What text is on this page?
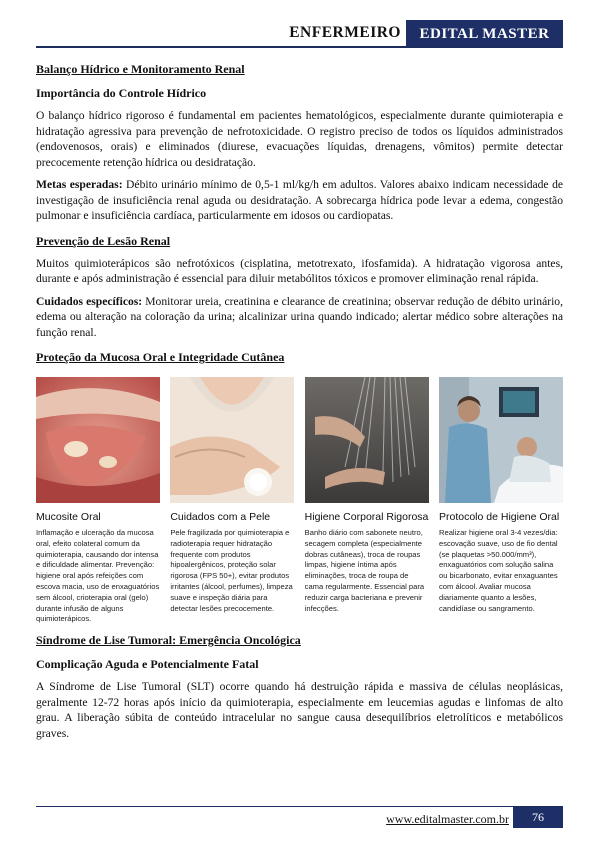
ENFERMEIRO	EDITAL MASTER
Balanço Hídrico e Monitoramento Renal
Importância do Controle Hídrico

O balanço hídrico rigoroso é fundamental em pacientes hematológicos, especialmente durante quimioterapia e hidratação agressiva para prevenção de nefrotoxicidade. O registro preciso de todos os líquidos administrados (endovenosos, orais) e eliminados (diurese, evacuações líquidas, drenagens, vômitos) permite detectar precocemente retenção hídrica ou desidratação.

Metas esperadas: Débito urinário mínimo de 0,5-1 ml/kg/h em adultos. Valores abaixo indicam necessidade de investigação de insuficiência renal aguda ou desidratação. A sobrecarga hídrica pode levar a edema, congestão pulmonar e insuficiência cardíaca, particularmente em idosos ou cardiopatas.

Prevenção de Lesão Renal

Muitos quimioterápicos são nefrotóxicos (cisplatina, metotrexato, ifosfamida). A hidratação vigorosa antes, durante e após administração é essencial para diluir metabólitos tóxicos e promover eliminação renal rápida.

Cuidados específicos: Monitorar ureia, creatinina e clearance de creatinina; observar redução de débito urinário, edema ou alteração na coloração da urina; alcalinizar urina quando indicado; alertar médico sobre alterações na função renal.

Proteção da Mucosa Oral e Integridade Cutânea
Mucosite Oral
Inflamação e ulceração da mucosa oral, efeito colateral comum da quimioterapia, causando dor intensa e dificuldade alimentar. Prevenção: higiene oral após refeições com escova macia, uso de enxaguatórios sem álcool, crioterapia oral (gelo) durante infusão de alguns quimioterápicos.
Cuidados com a Pele
Pele fragilizada por quimioterapia e radioterapia requer hidratação frequente com produtos hipoalergênicos, proteção solar rigorosa (FPS 50+), evitar produtos irritantes (álcool, perfumes), limpeza suave e inspeção diária para detectar lesões precocemente.
Higiene Corporal Rigorosa
Banho diário com sabonete neutro, secagem completa (especialmente dobras cutâneas), troca de roupas limpas, higiene íntima após eliminações, troca de roupa de cama regularmente. Essencial para reduzir carga bacteriana e prevenir infecções.
Protocolo de Higiene Oral
Realizar higiene oral 3-4 vezes/dia: escovação suave, uso de fio dental (se plaquetas >50.000/mm³), enxaguatórios com solução salina ou bicarbonato, evitar enxaguantes com álcool. Avaliar mucosa diariamente quanto a lesões, candidíase ou sangramento.
Síndrome de Lise Tumoral: Emergência Oncológica
Complicação Aguda e Potencialmente Fatal

A Síndrome de Lise Tumoral (SLT) ocorre quando há destruição rápida e massiva de células neoplásicas, geralmente 12-72 horas após início da quimioterapia, especialmente em leucemias agudas e linfomas de alto grau. A liberação súbita de conteúdo intracelular no sangue causa desequilíbrios eletrolíticos e metabólicos graves.

www.editalmaster.com.br	76
